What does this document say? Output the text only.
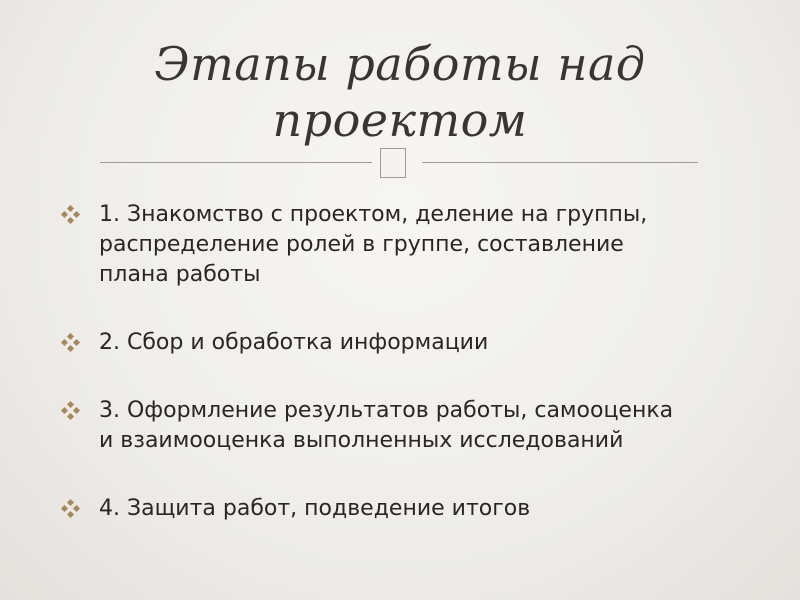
Этапы работы над
проектом
1. Знакомство с проектом, деление на группы,
распределение ролей в группе, составление
плана работы
2. Сбор и обработка информации
3. Оформление результатов работы, самооценка
и взаимооценка выполненных исследований
4. Защита работ, подведение итогов
